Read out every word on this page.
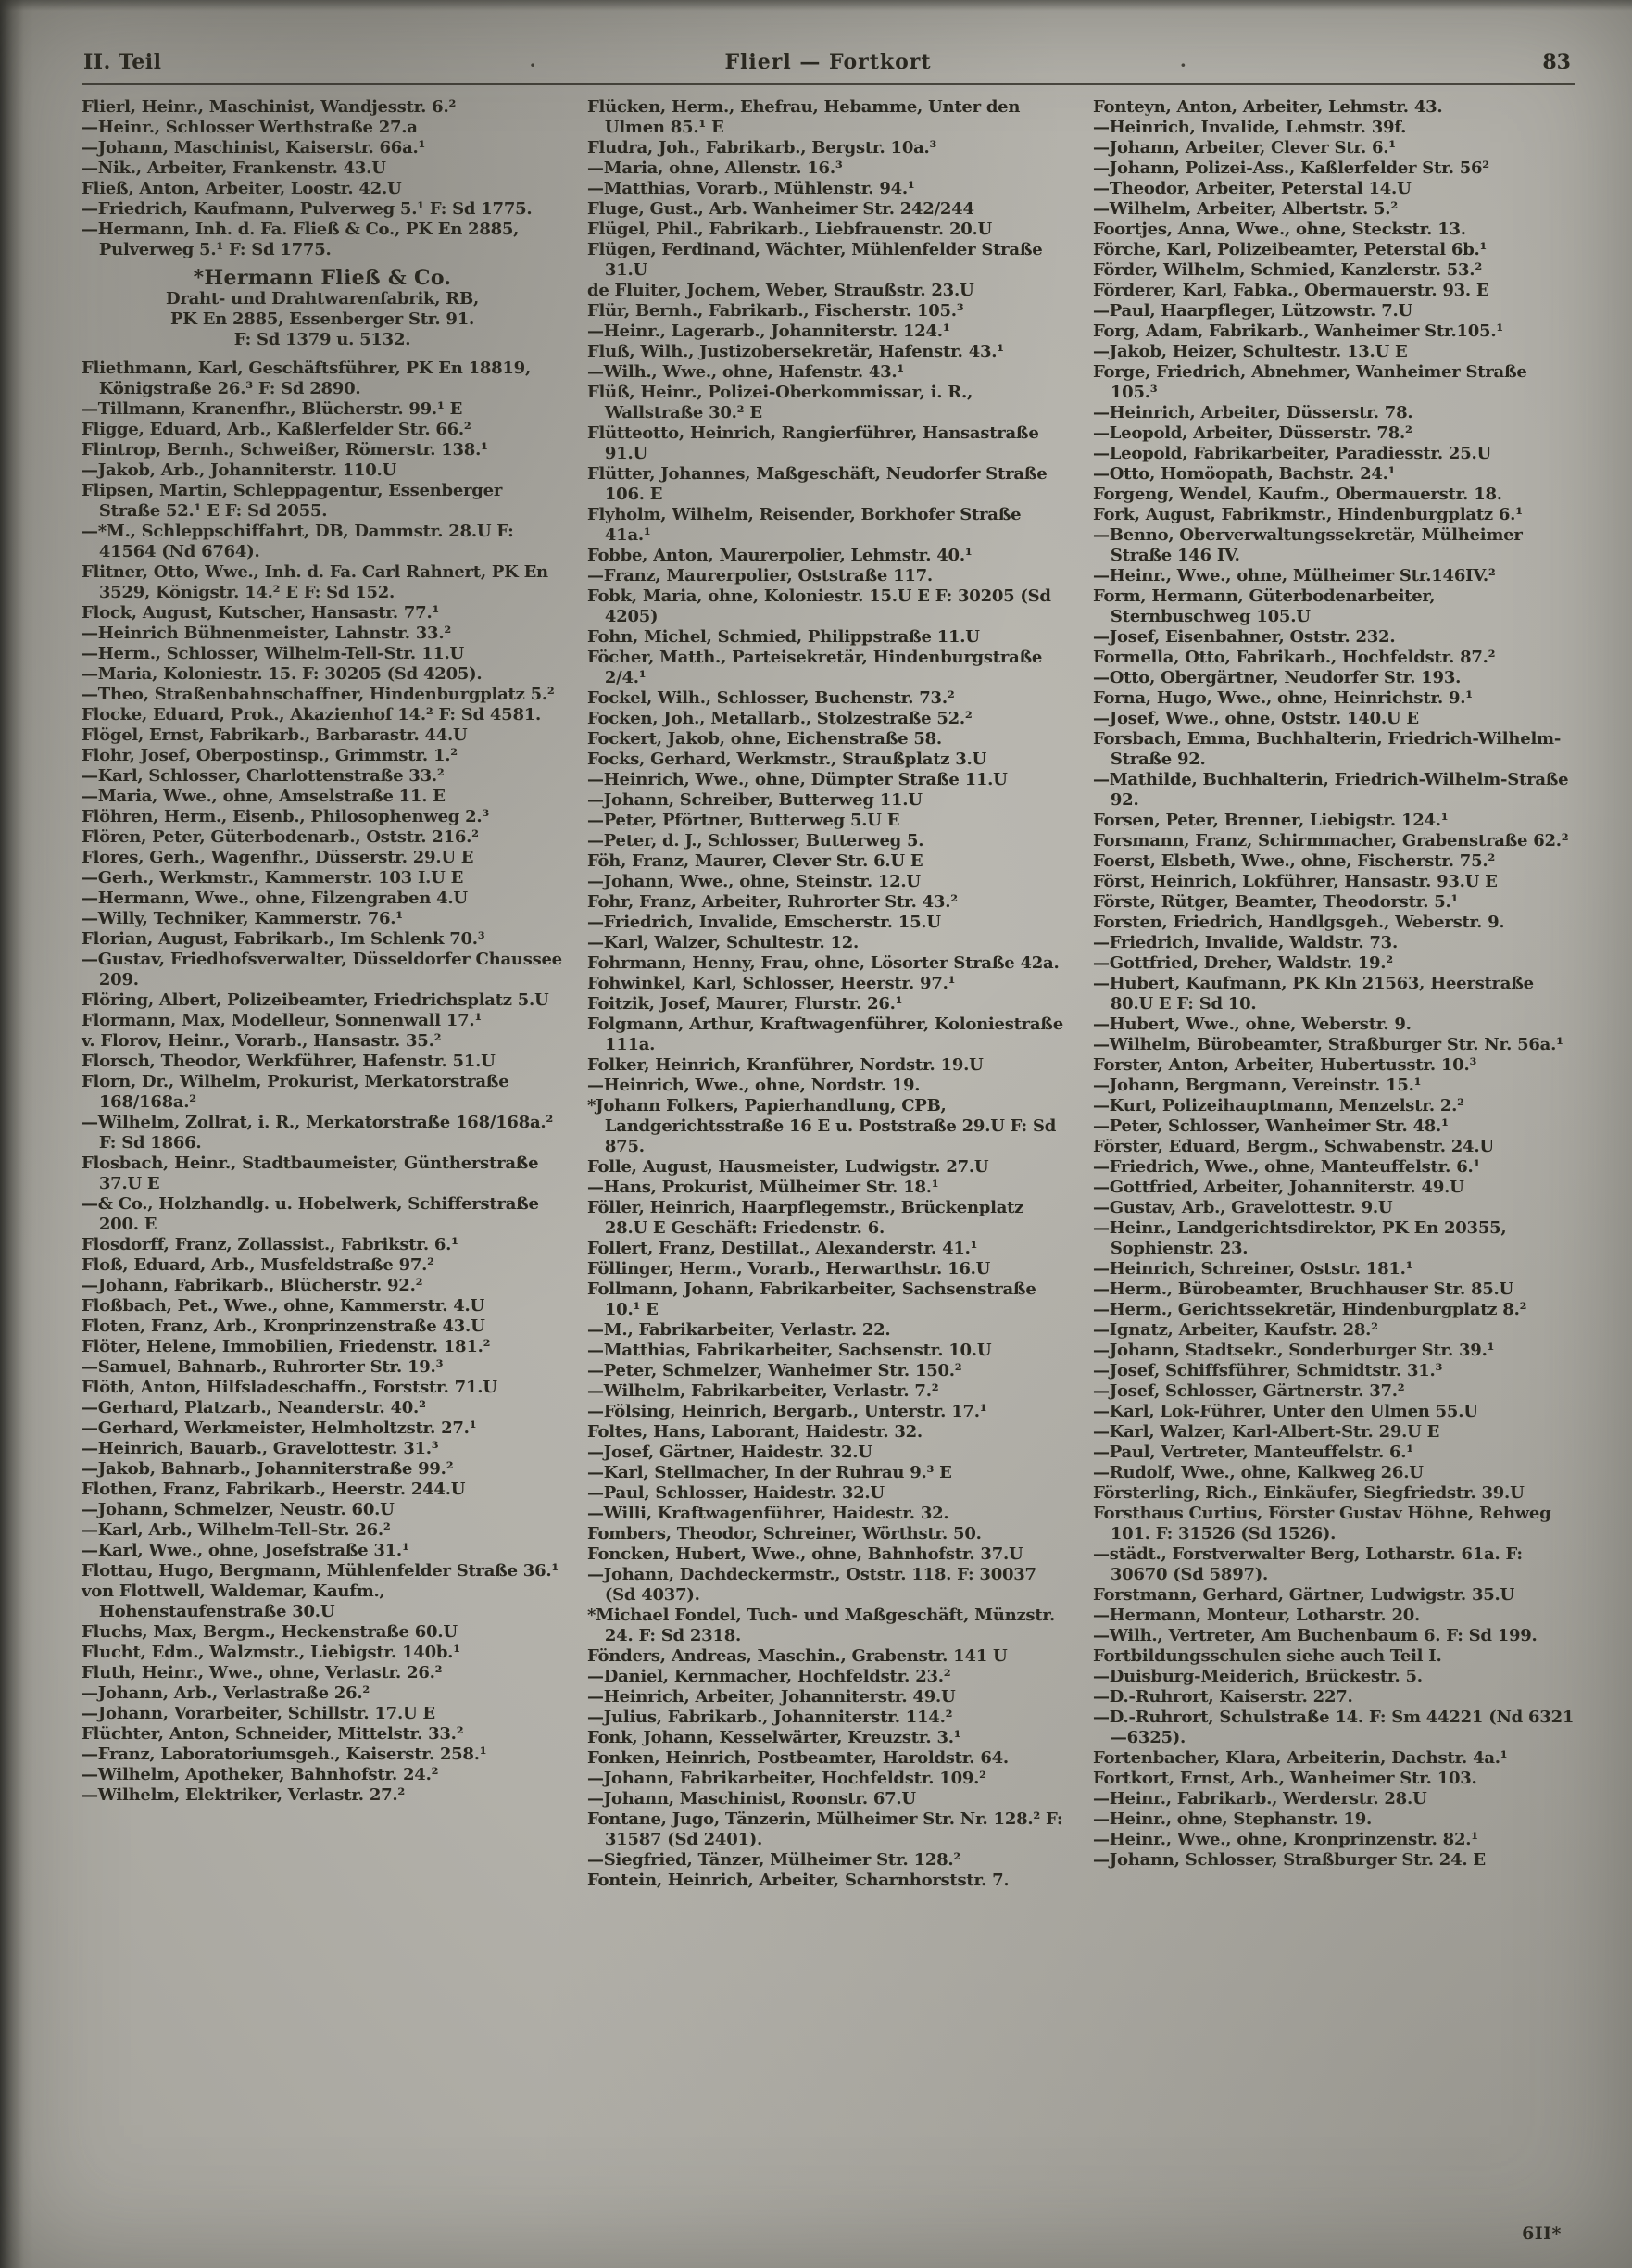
II. Teil	·	Flierl — Fortkort	·	83

Flierl, Heinr., Maschinist, Wandjesstr. 6.²

—Heinr., Schlosser Werthstraße 27.a

—Johann, Maschinist, Kaiserstr. 66a.¹

—Nik., Arbeiter, Frankenstr. 43.U

Fließ, Anton, Arbeiter, Loostr. 42.U

—Friedrich, Kaufmann, Pulverweg 5.¹ F: Sd 1775.

—Hermann, Inh. d. Fa. Fließ & Co., PK En 2885, Pulverweg 5.¹ F: Sd 1775.

*Hermann Fließ & Co.

Draht- und Drahtwarenfabrik, RB,

PK En 2885, Essenberger Str. 91.

F: Sd 1379 u. 5132.

Fliethmann, Karl, Geschäftsführer, PK En 18819, Königstraße 26.³ F: Sd 2890.

—Tillmann, Kranenfhr., Blücherstr. 99.¹ E

Fligge, Eduard, Arb., Kaßlerfelder Str. 66.²

Flintrop, Bernh., Schweißer, Römerstr. 138.¹

—Jakob, Arb., Johanniterstr. 110.U

Flipsen, Martin, Schleppagentur, Essenberger Straße 52.¹ E F: Sd 2055.

—*M., Schleppschiffahrt, DB, Dammstr. 28.U F: 41564 (Nd 6764).

Flitner, Otto, Wwe., Inh. d. Fa. Carl Rahnert, PK En 3529, Königstr. 14.² E F: Sd 152.

Flock, August, Kutscher, Hansastr. 77.¹

—Heinrich Bühnenmeister, Lahnstr. 33.²

—Herm., Schlosser, Wilhelm-Tell-Str. 11.U

—Maria, Koloniestr. 15. F: 30205 (Sd 4205).

—Theo, Straßenbahnschaffner, Hindenburgplatz 5.²

Flocke, Eduard, Prok., Akazienhof 14.² F: Sd 4581.

Flögel, Ernst, Fabrikarb., Barbarastr. 44.U

Flohr, Josef, Oberpostinsp., Grimmstr. 1.²

—Karl, Schlosser, Charlottenstraße 33.²

—Maria, Wwe., ohne, Amselstraße 11. E

Flöhren, Herm., Eisenb., Philosophenweg 2.³

Flören, Peter, Güterbodenarb., Oststr. 216.²

Flores, Gerh., Wagenfhr., Düsserstr. 29.U E

—Gerh., Werkmstr., Kammerstr. 103 I.U E

—Hermann, Wwe., ohne, Filzengraben 4.U

—Willy, Techniker, Kammerstr. 76.¹

Florian, August, Fabrikarb., Im Schlenk 70.³

—Gustav, Friedhofsverwalter, Düsseldorfer Chaussee 209.

Flöring, Albert, Polizeibeamter, Friedrichsplatz 5.U

Flormann, Max, Modelleur, Sonnenwall 17.¹

v. Florov, Heinr., Vorarb., Hansastr. 35.²

Florsch, Theodor, Werkführer, Hafenstr. 51.U

Florn, Dr., Wilhelm, Prokurist, Merkatorstraße 168/168a.²

—Wilhelm, Zollrat, i. R., Merkatorstraße 168/168a.² F: Sd 1866.

Flosbach, Heinr., Stadtbaumeister, Güntherstraße 37.U E

—& Co., Holzhandlg. u. Hobelwerk, Schifferstraße 200. E

Flosdorff, Franz, Zollassist., Fabrikstr. 6.¹

Floß, Eduard, Arb., Musfeldstraße 97.²

—Johann, Fabrikarb., Blücherstr. 92.²

Floßbach, Pet., Wwe., ohne, Kammerstr. 4.U

Floten, Franz, Arb., Kronprinzenstraße 43.U

Flöter, Helene, Immobilien, Friedenstr. 181.²

—Samuel, Bahnarb., Ruhrorter Str. 19.³

Flöth, Anton, Hilfsladeschaffn., Forststr. 71.U

—Gerhard, Platzarb., Neanderstr. 40.²

—Gerhard, Werkmeister, Helmholtzstr. 27.¹

—Heinrich, Bauarb., Gravelottestr. 31.³

—Jakob, Bahnarb., Johanniterstraße 99.²

Flothen, Franz, Fabrikarb., Heerstr. 244.U

—Johann, Schmelzer, Neustr. 60.U

—Karl, Arb., Wilhelm-Tell-Str. 26.²

—Karl, Wwe., ohne, Josefstraße 31.¹

Flottau, Hugo, Bergmann, Mühlenfelder Straße 36.¹

von Flottwell, Waldemar, Kaufm., Hohenstaufenstraße 30.U

Fluchs, Max, Bergm., Heckenstraße 60.U

Flucht, Edm., Walzmstr., Liebigstr. 140b.¹

Fluth, Heinr., Wwe., ohne, Verlastr. 26.²

—Johann, Arb., Verlastraße 26.²

—Johann, Vorarbeiter, Schillstr. 17.U E

Flüchter, Anton, Schneider, Mittelstr. 33.²

—Franz, Laboratoriumsgeh., Kaiserstr. 258.¹

—Wilhelm, Apotheker, Bahnhofstr. 24.²

—Wilhelm, Elektriker, Verlastr. 27.²

Flücken, Herm., Ehefrau, Hebamme, Unter den Ulmen 85.¹ E

Fludra, Joh., Fabrikarb., Bergstr. 10a.³

—Maria, ohne, Allenstr. 16.³

—Matthias, Vorarb., Mühlenstr. 94.¹

Fluge, Gust., Arb. Wanheimer Str. 242/244

Flügel, Phil., Fabrikarb., Liebfrauenstr. 20.U

Flügen, Ferdinand, Wächter, Mühlenfelder Straße 31.U

de Fluiter, Jochem, Weber, Straußstr. 23.U

Flür, Bernh., Fabrikarb., Fischerstr. 105.³

—Heinr., Lagerarb., Johanniterstr. 124.¹

Fluß, Wilh., Justizobersekretär, Hafenstr. 43.¹

—Wilh., Wwe., ohne, Hafenstr. 43.¹

Flüß, Heinr., Polizei-Oberkommissar, i. R., Wallstraße 30.² E

Flütteotto, Heinrich, Rangierführer, Hansastraße 91.U

Flütter, Johannes, Maßgeschäft, Neudorfer Straße 106. E

Flyholm, Wilhelm, Reisender, Borkhofer Straße 41a.¹

Fobbe, Anton, Maurerpolier, Lehmstr. 40.¹

—Franz, Maurerpolier, Oststraße 117.

Fobk, Maria, ohne, Koloniestr. 15.U E F: 30205 (Sd 4205)

Fohn, Michel, Schmied, Philippstraße 11.U

Föcher, Matth., Parteisekretär, Hindenburgstraße 2/4.¹

Fockel, Wilh., Schlosser, Buchenstr. 73.²

Focken, Joh., Metallarb., Stolzestraße 52.²

Fockert, Jakob, ohne, Eichenstraße 58.

Focks, Gerhard, Werkmstr., Straußplatz 3.U

—Heinrich, Wwe., ohne, Dümpter Straße 11.U

—Johann, Schreiber, Butterweg 11.U

—Peter, Pförtner, Butterweg 5.U E

—Peter, d. J., Schlosser, Butterweg 5.

Föh, Franz, Maurer, Clever Str. 6.U E

—Johann, Wwe., ohne, Steinstr. 12.U

Fohr, Franz, Arbeiter, Ruhrorter Str. 43.²

—Friedrich, Invalide, Emscherstr. 15.U

—Karl, Walzer, Schultestr. 12.

Fohrmann, Henny, Frau, ohne, Lösorter Straße 42a.

Fohwinkel, Karl, Schlosser, Heerstr. 97.¹

Foitzik, Josef, Maurer, Flurstr. 26.¹

Folgmann, Arthur, Kraftwagenführer, Koloniestraße 111a.

Folker, Heinrich, Kranführer, Nordstr. 19.U

—Heinrich, Wwe., ohne, Nordstr. 19.

*Johann Folkers, Papierhandlung, CPB, Landgerichtsstraße 16 E u. Poststraße 29.U F: Sd 875.

Folle, August, Hausmeister, Ludwigstr. 27.U

—Hans, Prokurist, Mülheimer Str. 18.¹

Föller, Heinrich, Haarpflegemstr., Brückenplatz 28.U E Geschäft: Friedenstr. 6.

Follert, Franz, Destillat., Alexanderstr. 41.¹

Föllinger, Herm., Vorarb., Herwarthstr. 16.U

Follmann, Johann, Fabrikarbeiter, Sachsenstraße 10.¹ E

—M., Fabrikarbeiter, Verlastr. 22.

—Matthias, Fabrikarbeiter, Sachsenstr. 10.U

—Peter, Schmelzer, Wanheimer Str. 150.²

—Wilhelm, Fabrikarbeiter, Verlastr. 7.²

—Fölsing, Heinrich, Bergarb., Unterstr. 17.¹

Foltes, Hans, Laborant, Haidestr. 32.

—Josef, Gärtner, Haidestr. 32.U

—Karl, Stellmacher, In der Ruhrau 9.³ E

—Paul, Schlosser, Haidestr. 32.U

—Willi, Kraftwagenführer, Haidestr. 32.

Fombers, Theodor, Schreiner, Wörthstr. 50.

Foncken, Hubert, Wwe., ohne, Bahnhofstr. 37.U

—Johann, Dachdeckermstr., Oststr. 118. F: 30037 (Sd 4037).

*Michael Fondel, Tuch- und Maßgeschäft, Münzstr. 24. F: Sd 2318.

Fönders, Andreas, Maschin., Grabenstr. 141 U

—Daniel, Kernmacher, Hochfeldstr. 23.²

—Heinrich, Arbeiter, Johanniterstr. 49.U

—Julius, Fabrikarb., Johanniterstr. 114.²

Fonk, Johann, Kesselwärter, Kreuzstr. 3.¹

Fonken, Heinrich, Postbeamter, Haroldstr. 64.

—Johann, Fabrikarbeiter, Hochfeldstr. 109.²

—Johann, Maschinist, Roonstr. 67.U

Fontane, Jugo, Tänzerin, Mülheimer Str. Nr. 128.² F: 31587 (Sd 2401).

—Siegfried, Tänzer, Mülheimer Str. 128.²

Fontein, Heinrich, Arbeiter, Scharnhorststr. 7.

Fonteyn, Anton, Arbeiter, Lehmstr. 43.

—Heinrich, Invalide, Lehmstr. 39f.

—Johann, Arbeiter, Clever Str. 6.¹

—Johann, Polizei-Ass., Kaßlerfelder Str. 56²

—Theodor, Arbeiter, Peterstal 14.U

—Wilhelm, Arbeiter, Albertstr. 5.²

Foortjes, Anna, Wwe., ohne, Steckstr. 13.

Förche, Karl, Polizeibeamter, Peterstal 6b.¹

Förder, Wilhelm, Schmied, Kanzlerstr. 53.²

Förderer, Karl, Fabka., Obermauerstr. 93. E

—Paul, Haarpfleger, Lützowstr. 7.U

Forg, Adam, Fabrikarb., Wanheimer Str.105.¹

—Jakob, Heizer, Schultestr. 13.U E

Forge, Friedrich, Abnehmer, Wanheimer Straße 105.³

—Heinrich, Arbeiter, Düsserstr. 78.

—Leopold, Arbeiter, Düsserstr. 78.²

—Leopold, Fabrikarbeiter, Paradiesstr. 25.U

—Otto, Homöopath, Bachstr. 24.¹

Forgeng, Wendel, Kaufm., Obermauerstr. 18.

Fork, August, Fabrikmstr., Hindenburgplatz 6.¹

—Benno, Oberverwaltungssekretär, Mülheimer Straße 146 IV.

—Heinr., Wwe., ohne, Mülheimer Str.146IV.²

Form, Hermann, Güterbodenarbeiter, Sternbuschweg 105.U

—Josef, Eisenbahner, Oststr. 232.

Formella, Otto, Fabrikarb., Hochfeldstr. 87.²

—Otto, Obergärtner, Neudorfer Str. 193.

Forna, Hugo, Wwe., ohne, Heinrichstr. 9.¹

—Josef, Wwe., ohne, Oststr. 140.U E

Forsbach, Emma, Buchhalterin, Friedrich-Wilhelm-Straße 92.

—Mathilde, Buchhalterin, Friedrich-Wilhelm-Straße 92.

Forsen, Peter, Brenner, Liebigstr. 124.¹

Forsmann, Franz, Schirmmacher, Grabenstraße 62.²

Foerst, Elsbeth, Wwe., ohne, Fischerstr. 75.²

Först, Heinrich, Lokführer, Hansastr. 93.U E

Förste, Rütger, Beamter, Theodorstr. 5.¹

Forsten, Friedrich, Handlgsgeh., Weberstr. 9.

—Friedrich, Invalide, Waldstr. 73.

—Gottfried, Dreher, Waldstr. 19.²

—Hubert, Kaufmann, PK Kln 21563, Heerstraße 80.U E F: Sd 10.

—Hubert, Wwe., ohne, Weberstr. 9.

—Wilhelm, Bürobeamter, Straßburger Str. Nr. 56a.¹

Forster, Anton, Arbeiter, Hubertusstr. 10.³

—Johann, Bergmann, Vereinstr. 15.¹

—Kurt, Polizeihauptmann, Menzelstr. 2.²

—Peter, Schlosser, Wanheimer Str. 48.¹

Förster, Eduard, Bergm., Schwabenstr. 24.U

—Friedrich, Wwe., ohne, Manteuffelstr. 6.¹

—Gottfried, Arbeiter, Johanniterstr. 49.U

—Gustav, Arb., Gravelottestr. 9.U

—Heinr., Landgerichtsdirektor, PK En 20355, Sophienstr. 23.

—Heinrich, Schreiner, Oststr. 181.¹

—Herm., Bürobeamter, Bruchhauser Str. 85.U

—Herm., Gerichtssekretär, Hindenburgplatz 8.²

—Ignatz, Arbeiter, Kaufstr. 28.²

—Johann, Stadtsekr., Sonderburger Str. 39.¹

—Josef, Schiffsführer, Schmidtstr. 31.³

—Josef, Schlosser, Gärtnerstr. 37.²

—Karl, Lok-Führer, Unter den Ulmen 55.U

—Karl, Walzer, Karl-Albert-Str. 29.U E

—Paul, Vertreter, Manteuffelstr. 6.¹

—Rudolf, Wwe., ohne, Kalkweg 26.U

Försterling, Rich., Einkäufer, Siegfriedstr. 39.U

Forsthaus Curtius, Förster Gustav Höhne, Rehweg 101. F: 31526 (Sd 1526).

—städt., Forstverwalter Berg, Lotharstr. 61a. F: 30670 (Sd 5897).

Forstmann, Gerhard, Gärtner, Ludwigstr. 35.U

—Hermann, Monteur, Lotharstr. 20.

—Wilh., Vertreter, Am Buchenbaum 6. F: Sd 199.

Fortbildungsschulen siehe auch Teil I.

—Duisburg-Meiderich, Brückestr. 5.

—D.-Ruhrort, Kaiserstr. 227.

—D.-Ruhrort, Schulstraße 14. F: Sm 44221 (Nd 6321—6325).

Fortenbacher, Klara, Arbeiterin, Dachstr. 4a.¹

Fortkort, Ernst, Arb., Wanheimer Str. 103.

—Heinr., Fabrikarb., Werderstr. 28.U

—Heinr., ohne, Stephanstr. 19.

—Heinr., Wwe., ohne, Kronprinzenstr. 82.¹

—Johann, Schlosser, Straßburger Str. 24. E

6II*
